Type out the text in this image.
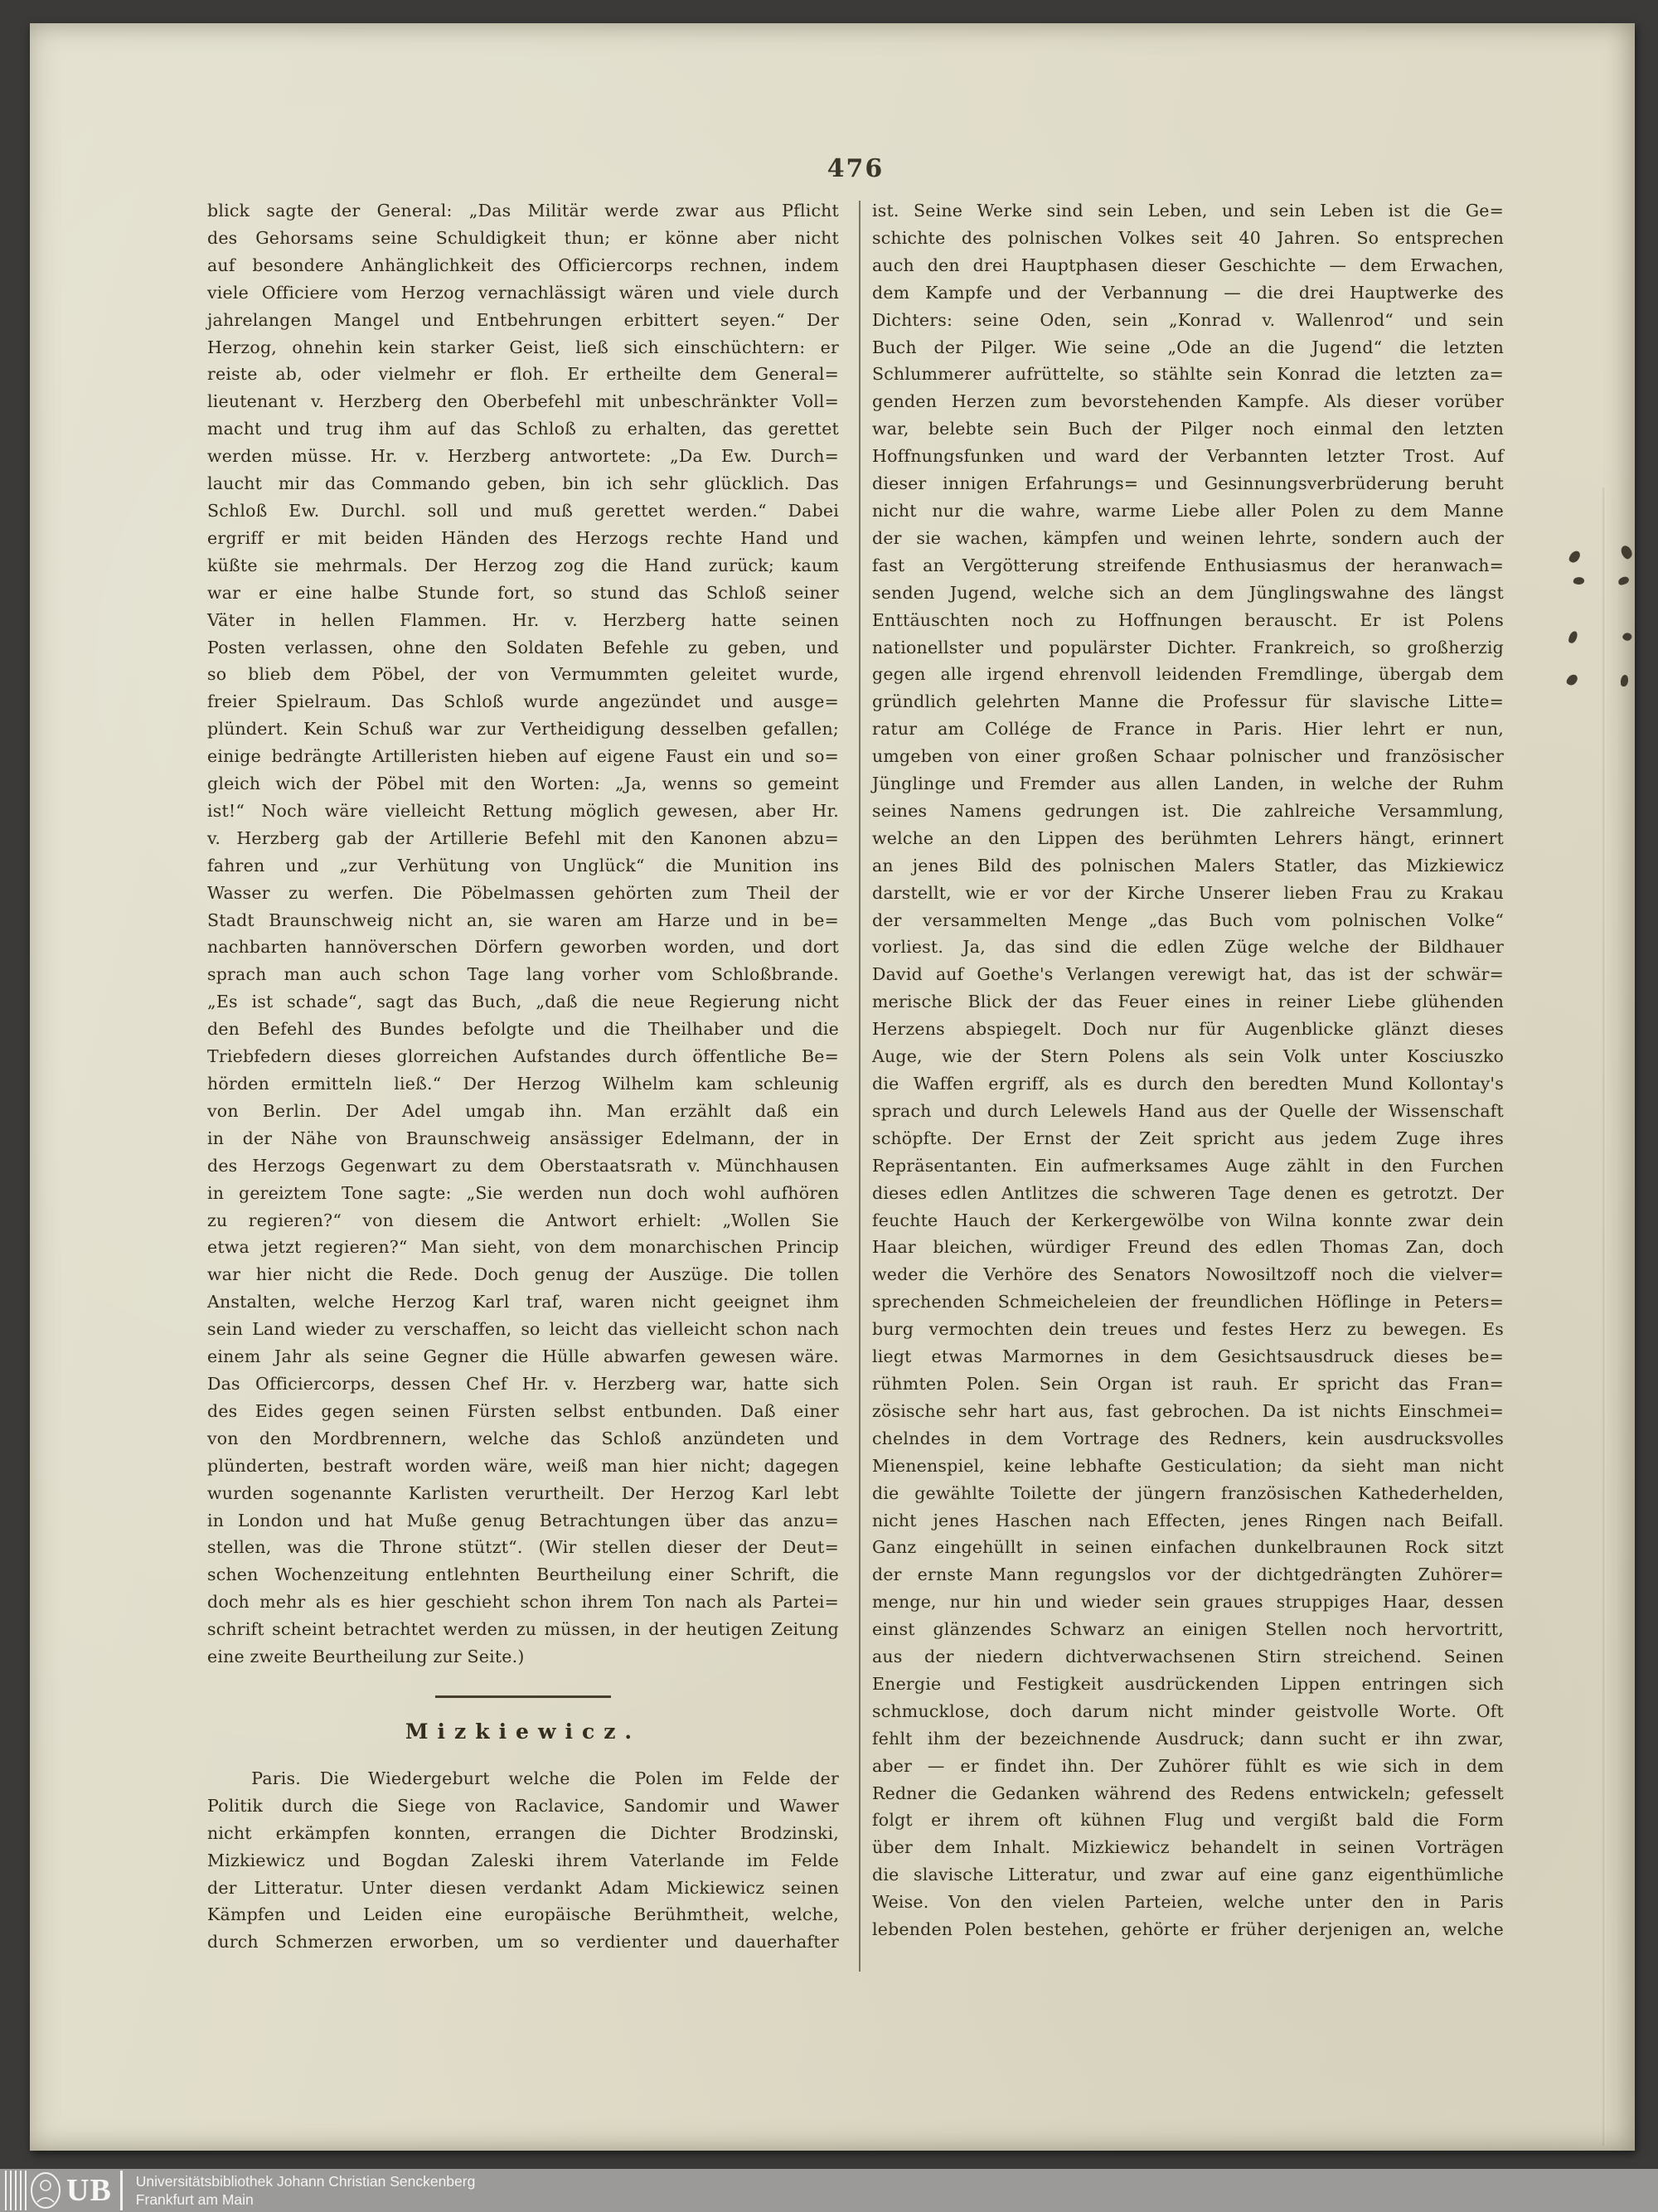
476
blick sagte der General: „Das Militär werde zwar aus Pflicht
des Gehorsams seine Schuldigkeit thun; er könne aber nicht
auf besondere Anhänglichkeit des Officiercorps rechnen, indem
viele Officiere vom Herzog vernachlässigt wären und viele durch
jahrelangen Mangel und Entbehrungen erbittert seyen.“ Der
Herzog, ohnehin kein starker Geist, ließ sich einschüchtern: er
reiste ab, oder vielmehr er floh. Er ertheilte dem General=
lieutenant v. Herzberg den Oberbefehl mit unbeschränkter Voll=
macht und trug ihm auf das Schloß zu erhalten, das gerettet
werden müsse. Hr. v. Herzberg antwortete: „Da Ew. Durch=
laucht mir das Commando geben, bin ich sehr glücklich. Das
Schloß Ew. Durchl. soll und muß gerettet werden.“ Dabei
ergriff er mit beiden Händen des Herzogs rechte Hand und
küßte sie mehrmals. Der Herzog zog die Hand zurück; kaum
war er eine halbe Stunde fort, so stund das Schloß seiner
Väter in hellen Flammen. Hr. v. Herzberg hatte seinen
Posten verlassen, ohne den Soldaten Befehle zu geben, und
so blieb dem Pöbel, der von Vermummten geleitet wurde,
freier Spielraum. Das Schloß wurde angezündet und ausge=
plündert. Kein Schuß war zur Vertheidigung desselben gefallen;
einige bedrängte Artilleristen hieben auf eigene Faust ein und so=
gleich wich der Pöbel mit den Worten: „Ja, wenns so gemeint
ist!“ Noch wäre vielleicht Rettung möglich gewesen, aber Hr.
v. Herzberg gab der Artillerie Befehl mit den Kanonen abzu=
fahren und „zur Verhütung von Unglück“ die Munition ins
Wasser zu werfen. Die Pöbelmassen gehörten zum Theil der
Stadt Braunschweig nicht an, sie waren am Harze und in be=
nachbarten hannöverschen Dörfern geworben worden, und dort
sprach man auch schon Tage lang vorher vom Schloßbrande.
„Es ist schade“, sagt das Buch, „daß die neue Regierung nicht
den Befehl des Bundes befolgte und die Theilhaber und die
Triebfedern dieses glorreichen Aufstandes durch öffentliche Be=
hörden ermitteln ließ.“ Der Herzog Wilhelm kam schleunig
von Berlin. Der Adel umgab ihn. Man erzählt daß ein
in der Nähe von Braunschweig ansässiger Edelmann, der in
des Herzogs Gegenwart zu dem Oberstaatsrath v. Münchhausen
in gereiztem Tone sagte: „Sie werden nun doch wohl aufhören
zu regieren?“ von diesem die Antwort erhielt: „Wollen Sie
etwa jetzt regieren?“ Man sieht, von dem monarchischen Princip
war hier nicht die Rede. Doch genug der Auszüge. Die tollen
Anstalten, welche Herzog Karl traf, waren nicht geeignet ihm
sein Land wieder zu verschaffen, so leicht das vielleicht schon nach
einem Jahr als seine Gegner die Hülle abwarfen gewesen wäre.
Das Officiercorps, dessen Chef Hr. v. Herzberg war, hatte sich
des Eides gegen seinen Fürsten selbst entbunden. Daß einer
von den Mordbrennern, welche das Schloß anzündeten und
plünderten, bestraft worden wäre, weiß man hier nicht; dagegen
wurden sogenannte Karlisten verurtheilt. Der Herzog Karl lebt
in London und hat Muße genug Betrachtungen über das anzu=
stellen, was die Throne stützt“. (Wir stellen dieser der Deut=
schen Wochenzeitung entlehnten Beurtheilung einer Schrift, die
doch mehr als es hier geschieht schon ihrem Ton nach als Partei=
schrift scheint betrachtet werden zu müssen, in der heutigen Zeitung
eine zweite Beurtheilung zur Seite.)
Mizkiewicz.
Paris. Die Wiedergeburt welche die Polen im Felde der
Politik durch die Siege von Raclavice, Sandomir und Wawer
nicht erkämpfen konnten, errangen die Dichter Brodzinski,
Mizkiewicz und Bogdan Zaleski ihrem Vaterlande im Felde
der Litteratur. Unter diesen verdankt Adam Mickiewicz seinen
Kämpfen und Leiden eine europäische Berühmtheit, welche,
durch Schmerzen erworben, um so verdienter und dauerhafter
ist. Seine Werke sind sein Leben, und sein Leben ist die Ge=
schichte des polnischen Volkes seit 40 Jahren. So entsprechen
auch den drei Hauptphasen dieser Geschichte — dem Erwachen,
dem Kampfe und der Verbannung — die drei Hauptwerke des
Dichters: seine Oden, sein „Konrad v. Wallenrod“ und sein
Buch der Pilger. Wie seine „Ode an die Jugend“ die letzten
Schlummerer aufrüttelte, so stählte sein Konrad die letzten za=
genden Herzen zum bevorstehenden Kampfe. Als dieser vorüber
war, belebte sein Buch der Pilger noch einmal den letzten
Hoffnungsfunken und ward der Verbannten letzter Trost. Auf
dieser innigen Erfahrungs= und Gesinnungsverbrüderung beruht
nicht nur die wahre, warme Liebe aller Polen zu dem Manne
der sie wachen, kämpfen und weinen lehrte, sondern auch der
fast an Vergötterung streifende Enthusiasmus der heranwach=
senden Jugend, welche sich an dem Jünglingswahne des längst
Enttäuschten noch zu Hoffnungen berauscht. Er ist Polens
nationellster und populärster Dichter. Frankreich, so großherzig
gegen alle irgend ehrenvoll leidenden Fremdlinge, übergab dem
gründlich gelehrten Manne die Professur für slavische Litte=
ratur am Collége de France in Paris. Hier lehrt er nun,
umgeben von einer großen Schaar polnischer und französischer
Jünglinge und Fremder aus allen Landen, in welche der Ruhm
seines Namens gedrungen ist. Die zahlreiche Versammlung,
welche an den Lippen des berühmten Lehrers hängt, erinnert
an jenes Bild des polnischen Malers Statler, das Mizkiewicz
darstellt, wie er vor der Kirche Unserer lieben Frau zu Krakau
der versammelten Menge „das Buch vom polnischen Volke“
vorliest. Ja, das sind die edlen Züge welche der Bildhauer
David auf Goethe's Verlangen verewigt hat, das ist der schwär=
merische Blick der das Feuer eines in reiner Liebe glühenden
Herzens abspiegelt. Doch nur für Augenblicke glänzt dieses
Auge, wie der Stern Polens als sein Volk unter Kosciuszko
die Waffen ergriff, als es durch den beredten Mund Kollontay's
sprach und durch Lelewels Hand aus der Quelle der Wissenschaft
schöpfte. Der Ernst der Zeit spricht aus jedem Zuge ihres
Repräsentanten. Ein aufmerksames Auge zählt in den Furchen
dieses edlen Antlitzes die schweren Tage denen es getrotzt. Der
feuchte Hauch der Kerkergewölbe von Wilna konnte zwar dein
Haar bleichen, würdiger Freund des edlen Thomas Zan, doch
weder die Verhöre des Senators Nowosiltzoff noch die vielver=
sprechenden Schmeicheleien der freundlichen Höflinge in Peters=
burg vermochten dein treues und festes Herz zu bewegen. Es
liegt etwas Marmornes in dem Gesichtsausdruck dieses be=
rühmten Polen. Sein Organ ist rauh. Er spricht das Fran=
zösische sehr hart aus, fast gebrochen. Da ist nichts Einschmei=
chelndes in dem Vortrage des Redners, kein ausdrucksvolles
Mienenspiel, keine lebhafte Gesticulation; da sieht man nicht
die gewählte Toilette der jüngern französischen Kathederhelden,
nicht jenes Haschen nach Effecten, jenes Ringen nach Beifall.
Ganz eingehüllt in seinen einfachen dunkelbraunen Rock sitzt
der ernste Mann regungslos vor der dichtgedrängten Zuhörer=
menge, nur hin und wieder sein graues struppiges Haar, dessen
einst glänzendes Schwarz an einigen Stellen noch hervortritt,
aus der niedern dichtverwachsenen Stirn streichend. Seinen
Energie und Festigkeit ausdrückenden Lippen entringen sich
schmucklose, doch darum nicht minder geistvolle Worte. Oft
fehlt ihm der bezeichnende Ausdruck; dann sucht er ihn zwar,
aber — er findet ihn. Der Zuhörer fühlt es wie sich in dem
Redner die Gedanken während des Redens entwickeln; gefesselt
folgt er ihrem oft kühnen Flug und vergißt bald die Form
über dem Inhalt. Mizkiewicz behandelt in seinen Vorträgen
die slavische Litteratur, und zwar auf eine ganz eigenthümliche
Weise. Von den vielen Parteien, welche unter den in Paris
lebenden Polen bestehen, gehörte er früher derjenigen an, welche
UB	Universitätsbibliothek Johann Christian Senckenberg
Frankfurt am Main
